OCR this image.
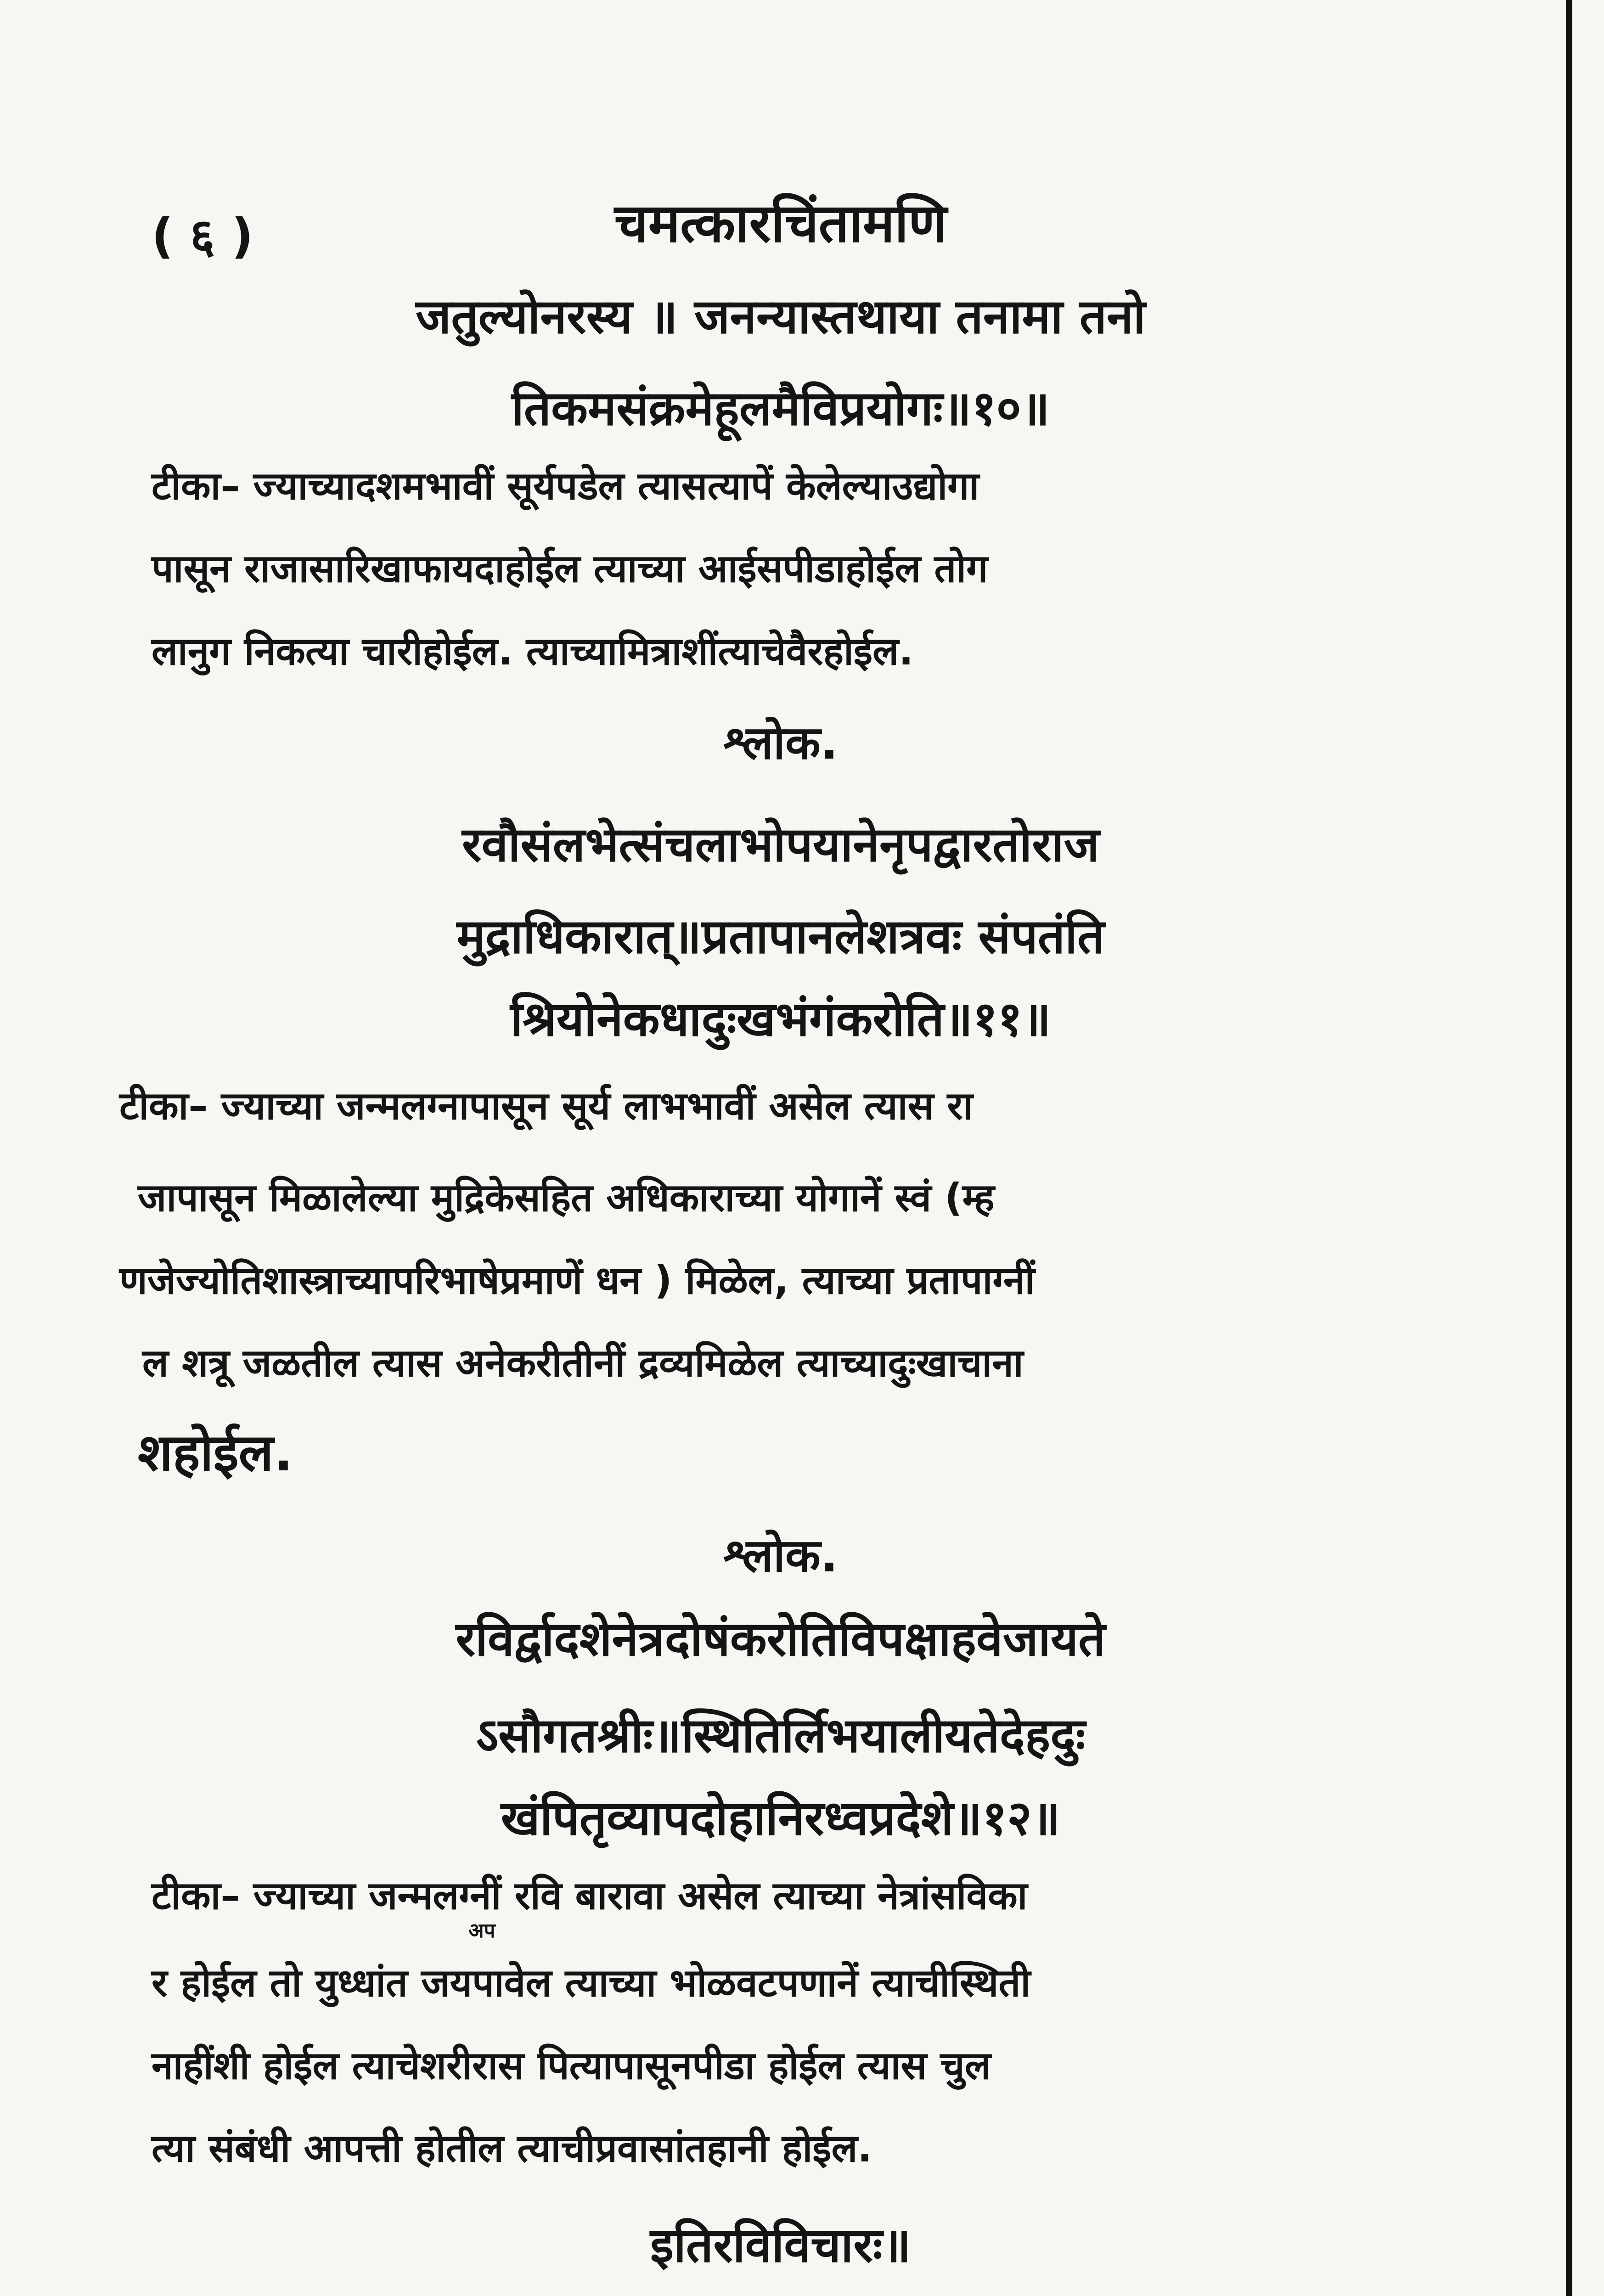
( ६ )	चमत्कारचिंतामणि
जतुल्योनरस्य ॥ जनन्यास्तथाया तनामा तनो
तिकमसंक्रमेहूलमैविप्रयोगः॥१०॥
टीका– ज्याच्यादशमभावीं सूर्यपडेल त्यासत्यापें केलेल्याउद्योगा
पासून राजासारिखाफायदाहोईल त्याच्या आईसपीडाहोईल तोग
लानुग निकत्या चारीहोईल. त्याच्यामित्राशींत्याचेवैरहोईल.
श्लोक.
रवौसंलभेत्संचलाभोपयानेनृपद्वारतोराज
मुद्राधिकारात्॥प्रतापानलेशत्रवः संपतंति
श्रियोनेकधादुःखभंगंकरोति॥११॥
टीका– ज्याच्या जन्मलग्नापासून सूर्य लाभभावीं असेल त्यास रा
जापासून मिळालेल्या मुद्रिकेसहित अधिकाराच्या योगानें स्वं (म्ह
णजेज्योतिशास्त्राच्यापरिभाषेप्रमाणें धन ) मिळेल, त्याच्या प्रतापाग्नीं
ल शत्रू जळतील त्यास अनेकरीतीनीं द्रव्यमिळेल त्याच्यादुःखाचाना
शहोईल.
श्लोक.
रविर्द्वादशेनेत्रदोषंकरोतिविपक्षाहवेजायते
ऽसौगतश्रीः॥स्थितिर्लिभयालीयतेदेहदुः
खंपितृव्यापदोहानिरध्वप्रदेशे॥१२॥
टीका– ज्याच्या जन्मलग्नीं रवि बारावा असेल त्याच्या नेत्रांसविका
अप
र होईल तो युध्धांत जयपावेल त्याच्या भोळवटपणानें त्याचीस्थिती
नाहींशी होईल त्याचेशरीरास पित्यापासूनपीडा होईल त्यास चुल
त्या संबंधी आपत्ती होतील त्याचीप्रवासांतहानी होईल.
इतिरविविचारः॥
